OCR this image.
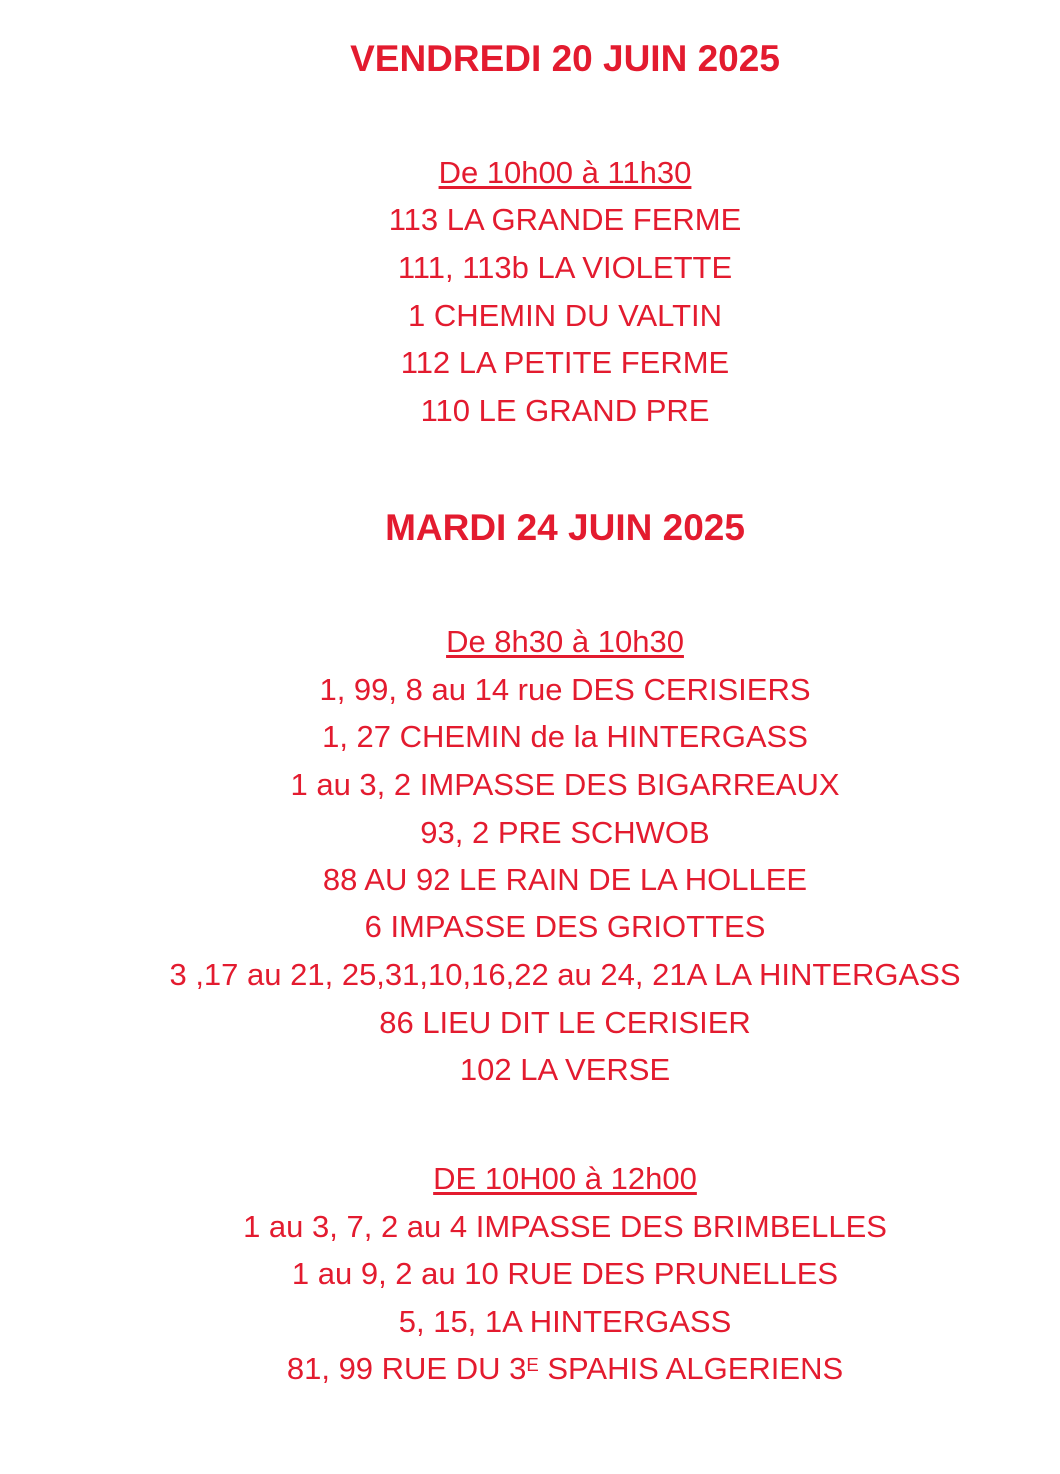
VENDREDI 20 JUIN 2025
De 10h00 à 11h30
113 LA GRANDE FERME
111, 113b LA VIOLETTE
1 CHEMIN DU VALTIN
112 LA PETITE FERME
110 LE GRAND PRE
MARDI 24 JUIN 2025
De 8h30 à 10h30
1, 99, 8 au 14 rue DES CERISIERS
1, 27 CHEMIN de la HINTERGASS
1 au 3, 2 IMPASSE DES BIGARREAUX
93, 2 PRE SCHWOB
88 AU 92 LE RAIN DE LA HOLLEE
6 IMPASSE DES GRIOTTES
3 ,17 au 21, 25,31,10,16,22 au 24, 21A LA HINTERGASS
86 LIEU DIT LE CERISIER
102 LA VERSE
DE 10H00 à 12h00
1 au 3, 7, 2 au 4 IMPASSE DES BRIMBELLES
1 au 9, 2 au 10 RUE DES PRUNELLES
5, 15, 1A HINTERGASS
81, 99 RUE DU $3^E$ SPAHIS ALGERIENS
